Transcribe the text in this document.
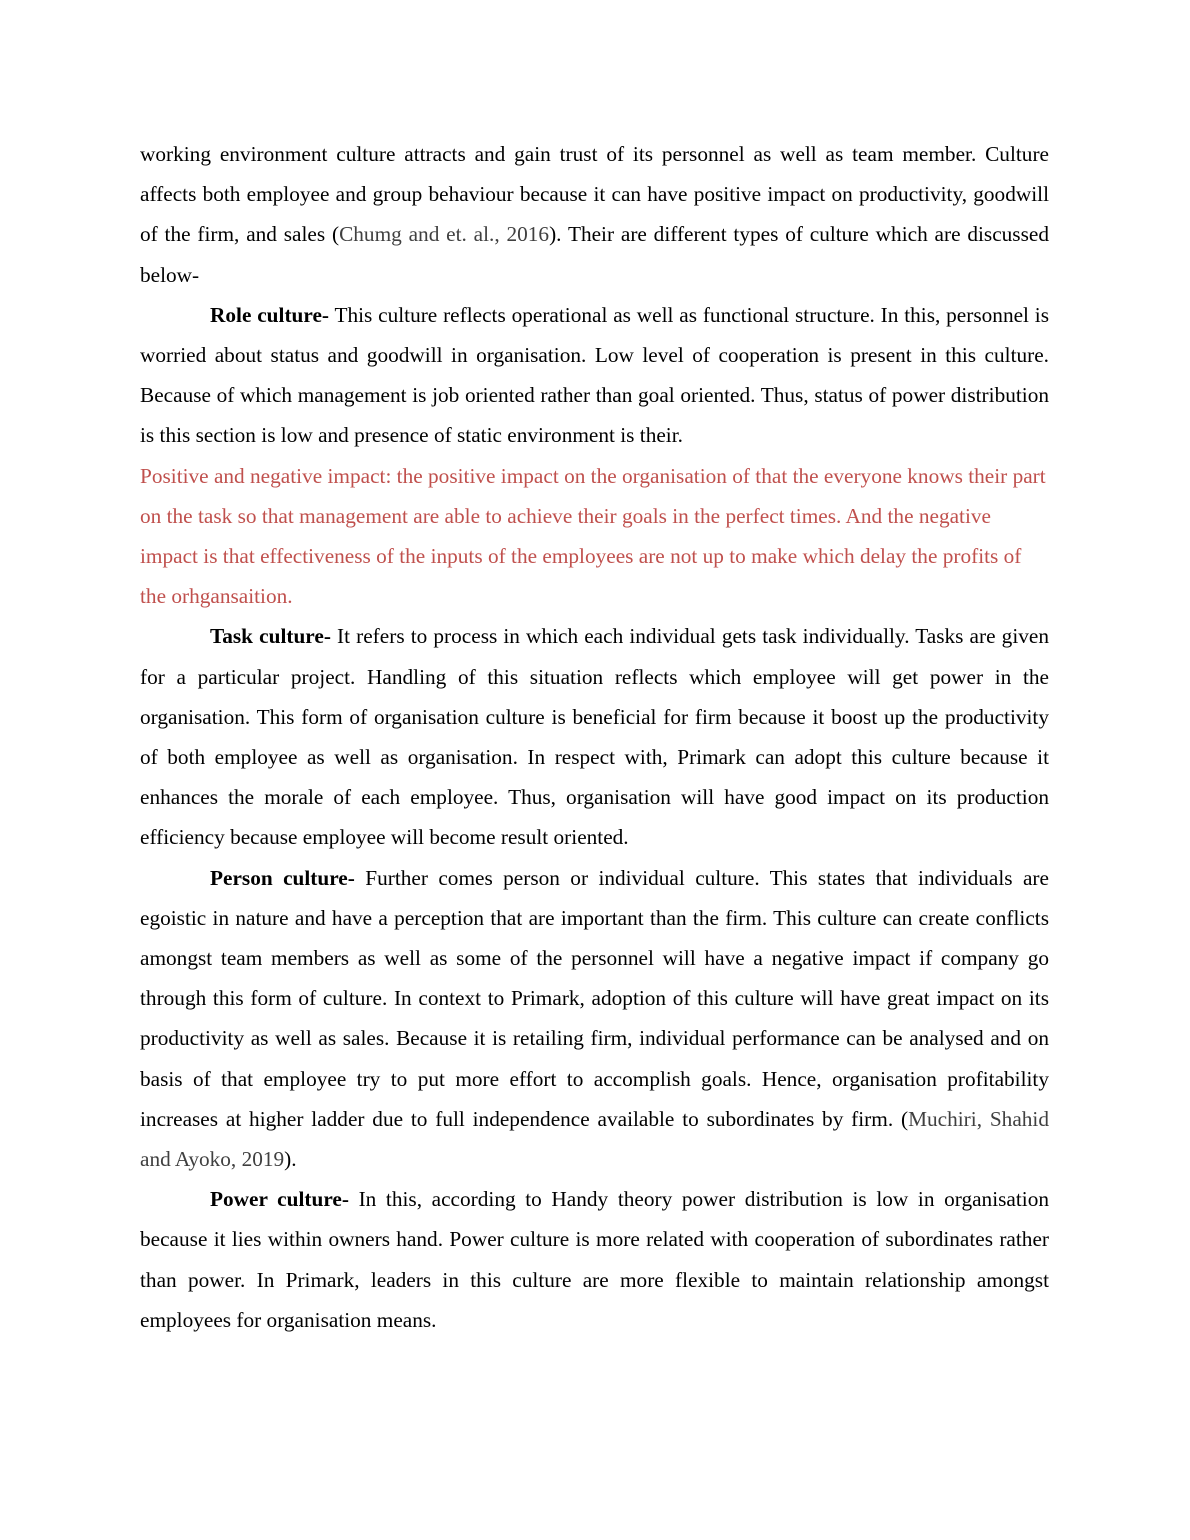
working environment culture attracts and gain trust of its personnel as well as team member. Culture affects both employee and group behaviour because it can have positive impact on productivity, goodwill of the firm, and sales (Chumg and et. al., 2016). Their are different types of culture which are discussed below-

Role culture- This culture reflects operational as well as functional structure. In this, personnel is worried about status and goodwill in organisation. Low level of cooperation is present in this culture. Because of which management is job oriented rather than goal oriented. Thus, status of power distribution is this section is low and presence of static environment is their.

Positive and negative impact: the positive impact on the organisation of that the everyone knows their part on the task so that management are able to achieve their goals in the perfect times. And the negative impact is that effectiveness of the inputs of the employees are not up to make which delay the profits of the orhgansaition.

Task culture- It refers to process in which each individual gets task individually. Tasks are given for a particular project. Handling of this situation reflects which employee will get power in the organisation. This form of organisation culture is beneficial for firm because it boost up the productivity of both employee as well as organisation. In respect with, Primark can adopt this culture because it enhances the morale of each employee. Thus, organisation will have good impact on its production efficiency because employee will become result oriented.

Person culture- Further comes person or individual culture. This states that individuals are egoistic in nature and have a perception that are important than the firm. This culture can create conflicts amongst team members as well as some of the personnel will have a negative impact if company go through this form of culture. In context to Primark, adoption of this culture will have great impact on its productivity as well as sales. Because it is retailing firm, individual performance can be analysed and on basis of that employee try to put more effort to accomplish goals. Hence, organisation profitability increases at higher ladder due to full independence available to subordinates by firm. (Muchiri, Shahid and Ayoko, 2019).

Power culture- In this, according to Handy theory power distribution is low in organisation because it lies within owners hand. Power culture is more related with cooperation of subordinates rather than power. In Primark, leaders in this culture are more flexible to maintain relationship amongst employees for organisation means.
